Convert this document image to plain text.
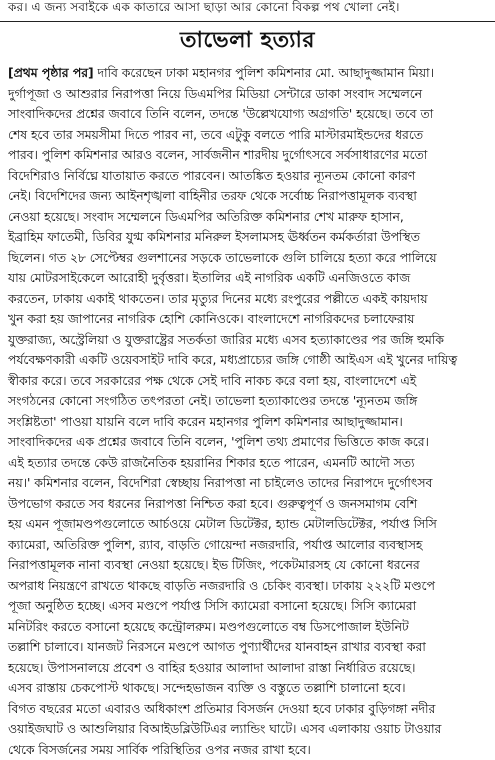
কর। এ জন্য সবাইকে এক কাতারে আসা ছাড়া আর কোনো বিকল্প পথ খোলা নেই।
তাভেলা হত্যার
[প্রথম পৃষ্ঠার পর] দাবি করেছেন ঢাকা মহানগর পুলিশ কমিশনার মো. আছাদুজ্জামান মিয়া।
দুর্গাপূজা ও আশুরার নিরাপত্তা নিয়ে ডিএমপির মিডিয়া সেন্টারে ডাকা সংবাদ সম্মেলনে
সাংবাদিকদের প্রশ্নের জবাবে তিনি বলেন, তদন্তে 'উল্লেখযোগ্য অগ্রগতি' হয়েছে। তবে তা
শেষ হবে তার সময়সীমা দিতে পারব না, তবে এটুকু বলতে পারি মাস্টারমাইন্ডদের ধরতে
পারব। পুলিশ কমিশনার আরও বলেন, সার্বজনীন শারদীয় দুর্গোৎসবে সর্বসাধারণের মতো
বিদেশিরাও নির্বিঘ্নে যাতায়াত করতে পারবেন। আতঙ্কিত হওয়ার ন্যূনতম কোনো কারণ
নেই। বিদেশিদের জন্য আইনশৃঙ্খলা বাহিনীর তরফ থেকে সর্বোচ্চ নিরাপত্তামূলক ব্যবস্থা
নেওয়া হয়েছে। সংবাদ সম্মেলনে ডিএমপির অতিরিক্ত কমিশনার শেখ মারুফ হাসান,
ইব্রাহিম ফাতেমী, ডিবির যুগ্ম কমিশনার মনিরুল ইসলামসহ ঊর্ধ্বতন কর্মকর্তারা উপস্থিত
ছিলেন। গত ২৮ সেপ্টেম্বর গুলশানের সড়কে তাভেলাকে গুলি চালিয়ে হত্যা করে পালিয়ে
যায় মোটরসাইকেলে আরোহী দুর্বৃত্তরা। ইতালির এই নাগরিক একটি এনজিওতে কাজ
করতেন, ঢাকায় একাই থাকতেন। তার মৃত্যুর দিনের মধ্যে রংপুরের পল্লীতে একই কায়দায়
খুন করা হয় জাপানের নাগরিক হোশি কোনিওকে। বাংলাদেশে নাগরিকদের চলাফেরায়
যুক্তরাজ্য, অস্ট্রেলিয়া ও যুক্তরাষ্ট্রের সতর্কতা জারির মধ্যে এসব হত্যাকাণ্ডের পর জঙ্গি হুমকি
পর্যবেক্ষণকারী একটি ওয়েবসাইট দাবি করে, মধ্যপ্রাচ্যের জঙ্গি গোষ্ঠী আইএস এই খুনের দায়িত্ব
স্বীকার করে। তবে সরকারের পক্ষ থেকে সেই দাবি নাকচ করে বলা হয়, বাংলাদেশে এই
সংগঠনের কোনো সংগঠিত তৎপরতা নেই। তাভেলা হত্যাকাণ্ডের তদন্তে 'ন্যূনতম জঙ্গি
সংশ্লিষ্টতা' পাওয়া যায়নি বলে দাবি করেন মহানগর পুলিশ কমিশনার আছাদুজ্জামান।
সাংবাদিকদের এক প্রশ্নের জবাবে তিনি বলেন, 'পুলিশ তথ্য প্রমাণের ভিত্তিতে কাজ করে।
এই হত্যার তদন্তে কেউ রাজনৈতিক হয়রানির শিকার হতে পারেন, এমনটি আদৌ সত্য
নয়।' কমিশনার বলেন, বিদেশিরা স্বেচ্ছায় নিরাপত্তা না চাইলেও তাদের নিরাপদে দুর্গোৎসব
উপভোগ করতে সব ধরনের নিরাপত্তা নিশ্চিত করা হবে। গুরুত্বপূর্ণ ও জনসমাগম বেশি
হয় এমন পূজামণ্ডপগুলোতে আর্চওয়ে মেটাল ডিটেক্টর, হ্যান্ড মেটালডিটেক্টর, পর্যাপ্ত সিসি
ক্যামেরা, অতিরিক্ত পুলিশ, র‌্যাব, বাড়তি গোয়েন্দা নজরদারি, পর্যাপ্ত আলোর ব্যবস্থাসহ
নিরাপত্তামূলক নানা ব্যবস্থা নেওয়া হয়েছে। ইভ টিজিং, পকেটমারসহ যে কোনো ধরনের
অপরাধ নিয়ন্ত্রণে রাখতে থাকছে বাড়তি নজরদারি ও চেকিং ব্যবস্থা। ঢাকায় ২২২টি মণ্ডপে
পূজা অনুষ্ঠিত হচ্ছে। এসব মণ্ডপে পর্যাপ্ত সিসি ক্যামেরা বসানো হয়েছে। সিসি ক্যামেরা
মনিটরিং করতে বসানো হয়েছে কন্ট্রোলরুম। মণ্ডপগুলোতে বম্ব ডিসপোজাল ইউনিট
তল্লাশি চালাবে। যানজট নিরসনে মণ্ডপে আগত পুণ্যার্থীদের যানবাহন রাখার ব্যবস্থা করা
হয়েছে। উপাসনালয়ে প্রবেশ ও বাহির হওয়ার আলাদা আলাদা রাস্তা নির্ধারিত রয়েছে।
এসব রাস্তায় চেকপোস্ট থাকছে। সন্দেহভাজন ব্যক্তি ও বস্তুতে তল্লাশি চালানো হবে।
বিগত বছরের মতো এবারও অধিকাংশ প্রতিমার বিসর্জন দেওয়া হবে ঢাকার বুড়িগঙ্গা নদীর
ওয়াইজঘাট ও আশুলিয়ার বিআইডব্লিউটিএর ল্যান্ডিং ঘাটে। এসব এলাকায় ওয়াচ টাওয়ার
থেকে বিসর্জনের সময় সার্বিক পরিস্থিতির ওপর নজর রাখা হবে।
